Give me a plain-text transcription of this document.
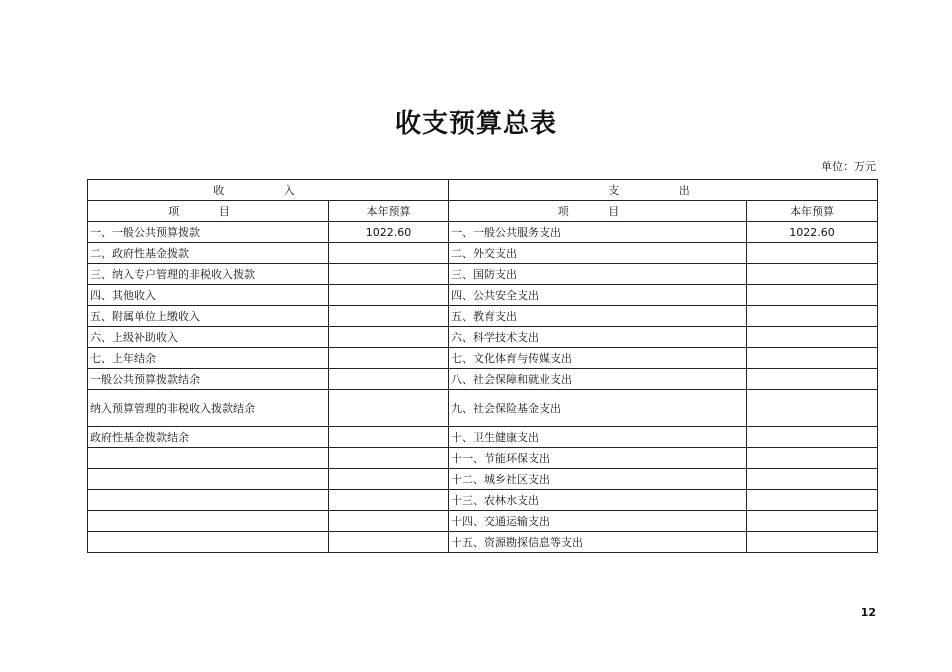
收支预算总表
单位：万元
收 入		支 出	
项 目	本年预算	项 目	本年预算
一、一般公共预算拨款	1022.60	一、一般公共服务支出	1022.60
二、政府性基金拨款		二、外交支出	
三、纳入专户管理的非税收入拨款		三、国防支出	
四、其他收入		四、公共安全支出	
五、附属单位上缴收入		五、教育支出	
六、上级补助收入		六、科学技术支出	
七、上年结余		七、文化体育与传媒支出	
一般公共预算拨款结余		八、社会保障和就业支出	
纳入预算管理的非税收入拨款结余		九、社会保险基金支出	
政府性基金拨款结余		十、卫生健康支出	
		十一、节能环保支出	
		十二、城乡社区支出	
		十三、农林水支出	
		十四、交通运输支出	
		十五、资源勘探信息等支出	
12
